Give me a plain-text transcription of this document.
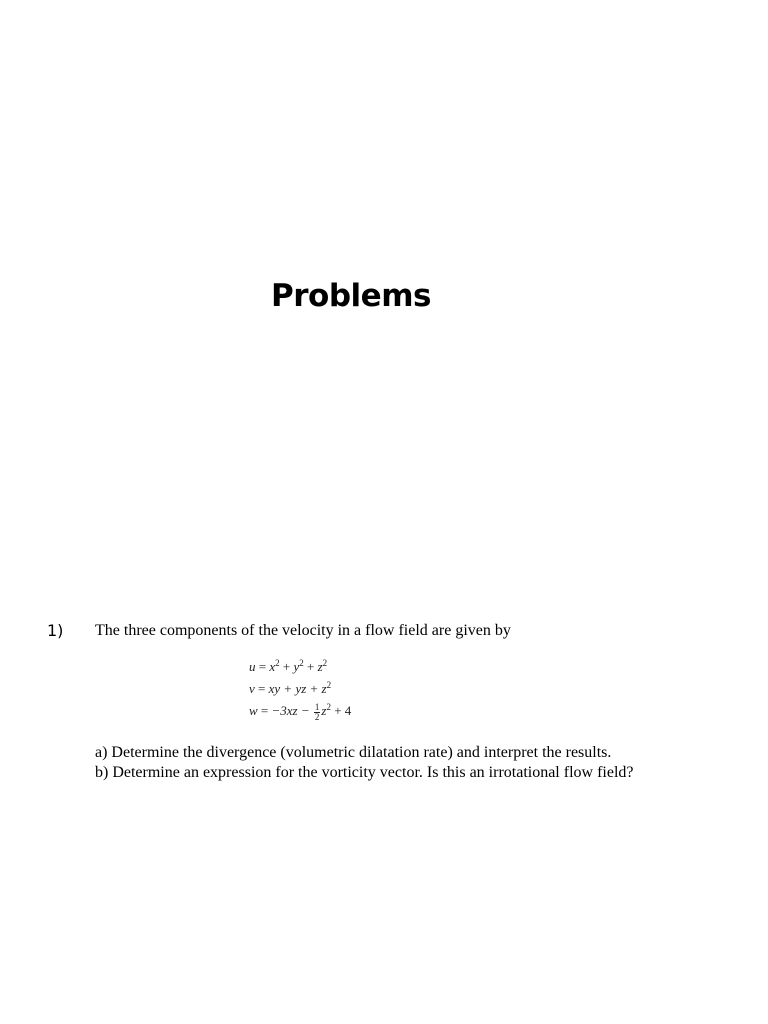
Problems
1) The three components of the velocity in a flow field are given by
$u = x^2 + y^2 + z^2$
v = xy + yz + $z^2$
$w = -3xz - \frac{1}{2} z^2 + 4$
a) Determine the divergence (volumetric dilatation rate) and interpret the results.
b) Determine an expression for the vorticity vector. Is this an irrotational flow field?
